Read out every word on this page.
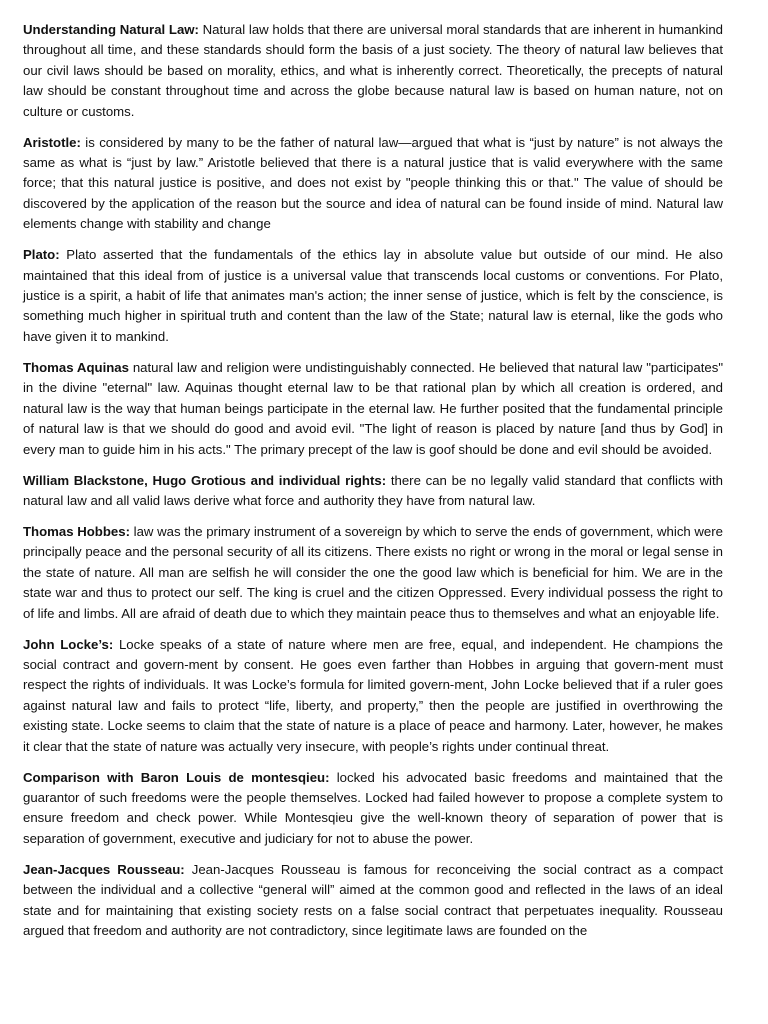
Understanding Natural Law: Natural law holds that there are universal moral standards that are inherent in humankind throughout all time, and these standards should form the basis of a just society. The theory of natural law believes that our civil laws should be based on morality, ethics, and what is inherently correct. Theoretically, the precepts of natural law should be constant throughout time and across the globe because natural law is based on human nature, not on culture or customs.

Aristotle: is considered by many to be the father of natural law—argued that what is “just by nature” is not always the same as what is “just by law.” Aristotle believed that there is a natural justice that is valid everywhere with the same force; that this natural justice is positive, and does not exist by "people thinking this or that." The value of should be discovered by the application of the reason but the source and idea of natural can be found inside of mind. Natural law elements change with stability and change

Plato: Plato asserted that the fundamentals of the ethics lay in absolute value but outside of our mind. He also maintained that this ideal from of justice is a universal value that transcends local customs or conventions. For Plato, justice is a spirit, a habit of life that animates man's action; the inner sense of justice, which is felt by the conscience, is something much higher in spiritual truth and content than the law of the State; natural law is eternal, like the gods who have given it to mankind.

Thomas Aquinas natural law and religion were undistinguishably connected. He believed that natural law "participates" in the divine "eternal" law. Aquinas thought eternal law to be that rational plan by which all creation is ordered, and natural law is the way that human beings participate in the eternal law. He further posited that the fundamental principle of natural law is that we should do good and avoid evil. "The light of reason is placed by nature [and thus by God] in every man to guide him in his acts." The primary precept of the law is goof should be done and evil should be avoided.

William Blackstone, Hugo Grotious and individual rights: there can be no legally valid standard that conflicts with natural law and all valid laws derive what force and authority they have from natural law.

Thomas Hobbes: law was the primary instrument of a sovereign by which to serve the ends of government, which were principally peace and the personal security of all its citizens. There exists no right or wrong in the moral or legal sense in the state of nature. All man are selfish he will consider the one the good law which is beneficial for him. We are in the state war and thus to protect our self. The king is cruel and the citizen Oppressed. Every individual possess the right to of life and limbs. All are afraid of death due to which they maintain peace thus to themselves and what an enjoyable life.

John Locke’s: Locke speaks of a state of nature where men are free, equal, and independent. He champions the social contract and govern-ment by consent. He goes even farther than Hobbes in arguing that govern-ment must respect the rights of individuals. It was Locke’s formula for limited govern-ment, John Locke believed that if a ruler goes against natural law and fails to protect “life, liberty, and property,” then the people are justified in overthrowing the existing state. Locke seems to claim that the state of nature is a place of peace and harmony. Later, however, he makes it clear that the state of nature was actually very insecure, with people’s rights under continual threat.

Comparison with Baron Louis de montesqieu: locked his advocated basic freedoms and maintained that the guarantor of such freedoms were the people themselves. Locked had failed however to propose a complete system to ensure freedom and check power. While Montesqieu give the well-known theory of separation of power that is separation of government, executive and judiciary for not to abuse the power.

Jean-Jacques Rousseau: Jean-Jacques Rousseau is famous for reconceiving the social contract as a compact between the individual and a collective “general will” aimed at the common good and reflected in the laws of an ideal state and for maintaining that existing society rests on a false social contract that perpetuates inequality. Rousseau argued that freedom and authority are not contradictory, since legitimate laws are founded on the
